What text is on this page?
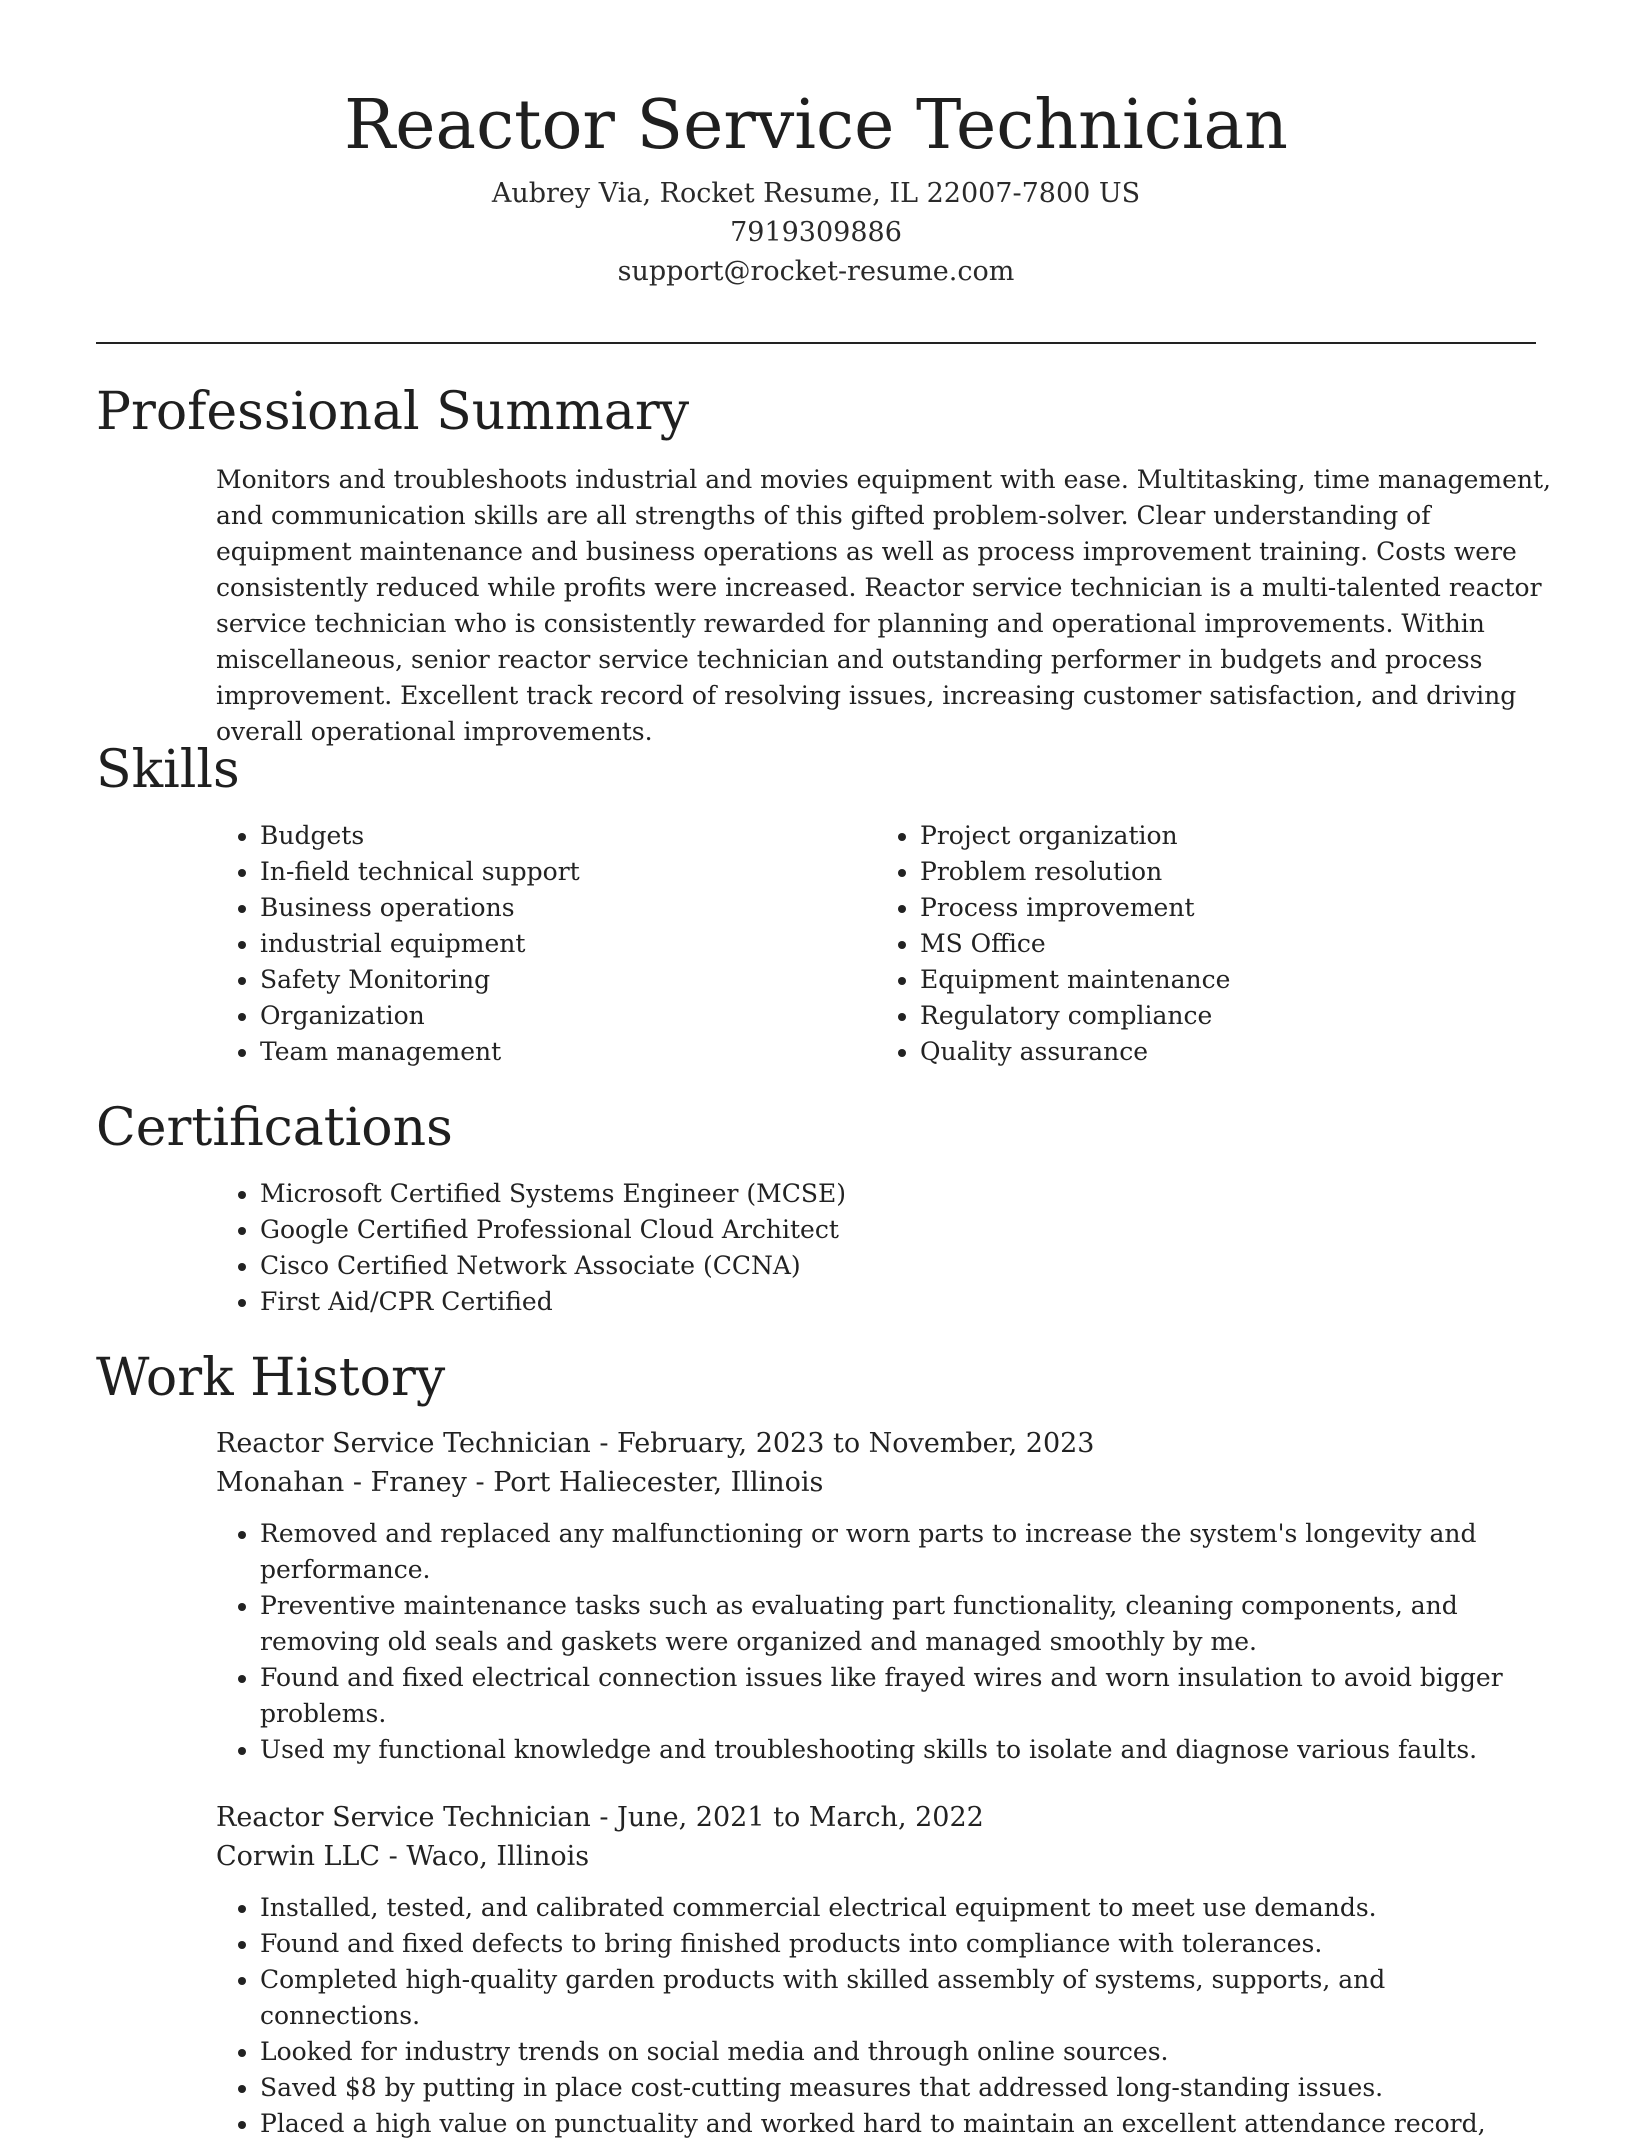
Reactor Service Technician

Aubrey Via, Rocket Resume, IL 22007-7800 US

7919309886

support@rocket-resume.com

Professional Summary

Monitors and troubleshoots industrial and movies equipment with ease. Multitasking, time management, and communication skills are all strengths of this gifted problem-solver. Clear understanding of equipment maintenance and business operations as well as process improvement training. Costs were consistently reduced while profits were increased. Reactor service technician is a multi-talented reactor service technician who is consistently rewarded for planning and operational improvements. Within miscellaneous, senior reactor service technician and outstanding performer in budgets and process improvement. Excellent track record of resolving issues, increasing customer satisfaction, and driving overall operational improvements.

Skills
• Budgets
• In-field technical support
• Business operations
• industrial equipment
• Safety Monitoring
• Organization
• Team management
• Project organization
• Problem resolution
• Process improvement
• MS Office
• Equipment maintenance
• Regulatory compliance
• Quality assurance
Certifications
• Microsoft Certified Systems Engineer (MCSE)
• Google Certified Professional Cloud Architect
• Cisco Certified Network Associate (CCNA)
• First Aid/CPR Certified
Work History

Reactor Service Technician - February, 2023 to November, 2023

Monahan - Franey - Port Haliecester, Illinois

• Removed and replaced any malfunctioning or worn parts to increase the system's longevity and performance.
• Preventive maintenance tasks such as evaluating part functionality, cleaning components, and removing old seals and gaskets were organized and managed smoothly by me.
• Found and fixed electrical connection issues like frayed wires and worn insulation to avoid bigger problems.
• Used my functional knowledge and troubleshooting skills to isolate and diagnose various faults.

Reactor Service Technician - June, 2021 to March, 2022

Corwin LLC - Waco, Illinois

• Installed, tested, and calibrated commercial electrical equipment to meet use demands.
• Found and fixed defects to bring finished products into compliance with tolerances.
• Completed high-quality garden products with skilled assembly of systems, supports, and connections.
• Looked for industry trends on social media and through online sources.
• Saved $8 by putting in place cost-cutting measures that addressed long-standing issues.
• Placed a high value on punctuality and worked hard to maintain an excellent attendance record,
